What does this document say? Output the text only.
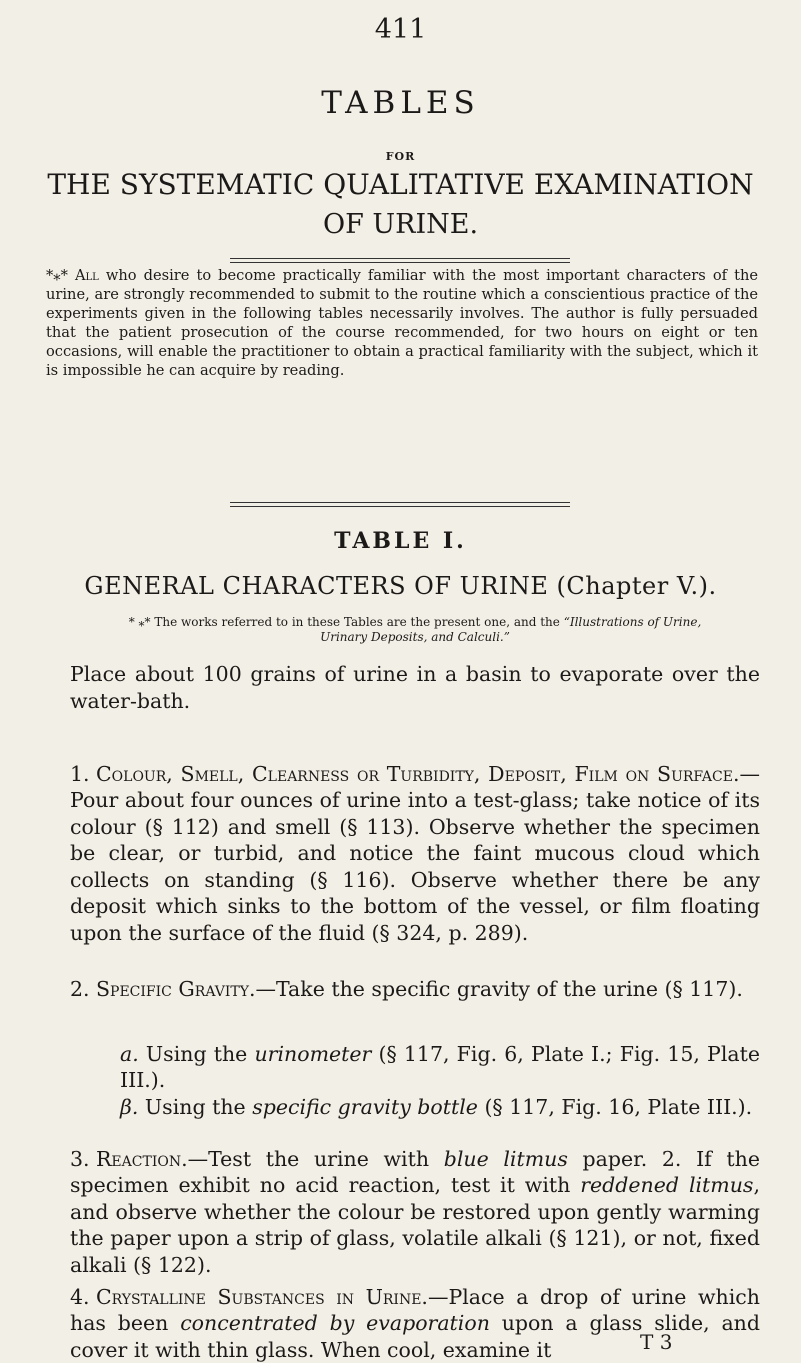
411
TABLES
FOR
THE SYSTEMATIC QUALITATIVE EXAMINATION
OF URINE.

*⁎* All who desire to become practically familiar with the most important characters of the urine, are strongly recommended to submit to the routine which a conscientious practice of the experiments given in the following tables necessarily involves. The author is fully persuaded that the patient prosecution of the course recommended, for two hours on eight or ten occasions, will enable the practitioner to obtain a practical familiarity with the subject, which it is impossible he can acquire by reading.

TABLE I.
GENERAL CHARACTERS OF URINE (Chapter V.).

* ⁎* The works referred to in these Tables are the present one, and the “Illustrations of Urine, Urinary Deposits, and Calculi.”

Place about 100 grains of urine in a basin to evaporate over the water-bath.

1. Colour, Smell, Clearness or Turbidity, Deposit, Film on Surface.—Pour about four ounces of urine into a test-glass; take notice of its colour (§ 112) and smell (§ 113). Observe whether the specimen be clear, or turbid, and notice the faint mucous cloud which collects on standing (§ 116). Observe whether there be any deposit which sinks to the bottom of the vessel, or film floating upon the surface of the fluid (§ 324, p. 289).

2. Specific Gravity.—Take the specific gravity of the urine (§ 117).

a. Using the urinometer (§ 117, Fig. 6, Plate I.; Fig. 15, Plate III.).

β. Using the specific gravity bottle (§ 117, Fig. 16, Plate III.).

3. Reaction.—Test the urine with blue litmus paper. 2. If the specimen exhibit no acid reaction, test it with reddened litmus, and observe whether the colour be restored upon gently warming the paper upon a strip of glass, volatile alkali (§ 121), or not, fixed alkali (§ 122).

4. Crystalline Substances in Urine.—Place a drop of urine which has been concentrated by evaporation upon a glass slide, and cover it with thin glass. When cool, examine it	T 3
